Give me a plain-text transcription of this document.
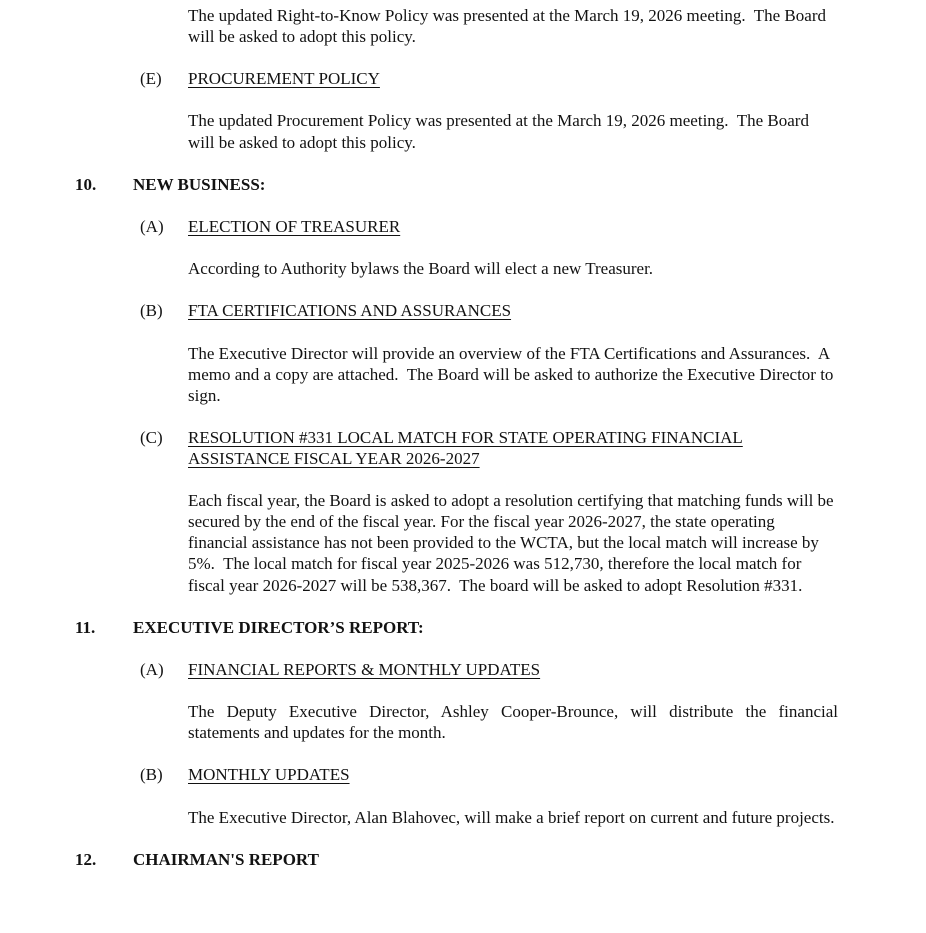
The updated Right-to-Know Policy was presented at the March 19, 2026 meeting.  The Board will be asked to adopt this policy.

(E)	PROCUREMENT POLICY

The updated Procurement Policy was presented at the March 19, 2026 meeting.  The Board will be asked to adopt this policy.

10.	NEW BUSINESS:
(A)	ELECTION OF TREASURER

According to Authority bylaws the Board will elect a new Treasurer.

(B)	FTA CERTIFICATIONS AND ASSURANCES

The Executive Director will provide an overview of the FTA Certifications and Assurances.  A memo and a copy are attached.  The Board will be asked to authorize the Executive Director to sign.

(C)	RESOLUTION #331 LOCAL MATCH FOR STATE OPERATING FINANCIAL ASSISTANCE FISCAL YEAR 2026-2027

Each fiscal year, the Board is asked to adopt a resolution certifying that matching funds will be secured by the end of the fiscal year. For the fiscal year 2026-2027, the state operating financial assistance has not been provided to the WCTA, but the local match will increase by 5%.  The local match for fiscal year 2025-2026 was 512,730, therefore the local match for fiscal year 2026-2027 will be 538,367.  The board will be asked to adopt Resolution #331.

11.	EXECUTIVE DIRECTOR’S REPORT:
(A)	FINANCIAL REPORTS & MONTHLY UPDATES

The Deputy Executive Director, Ashley Cooper-Brounce, will distribute the financial statements and updates for the month.

(B)	MONTHLY UPDATES

The Executive Director, Alan Blahovec, will make a brief report on current and future projects.

12.	CHAIRMAN'S REPORT
